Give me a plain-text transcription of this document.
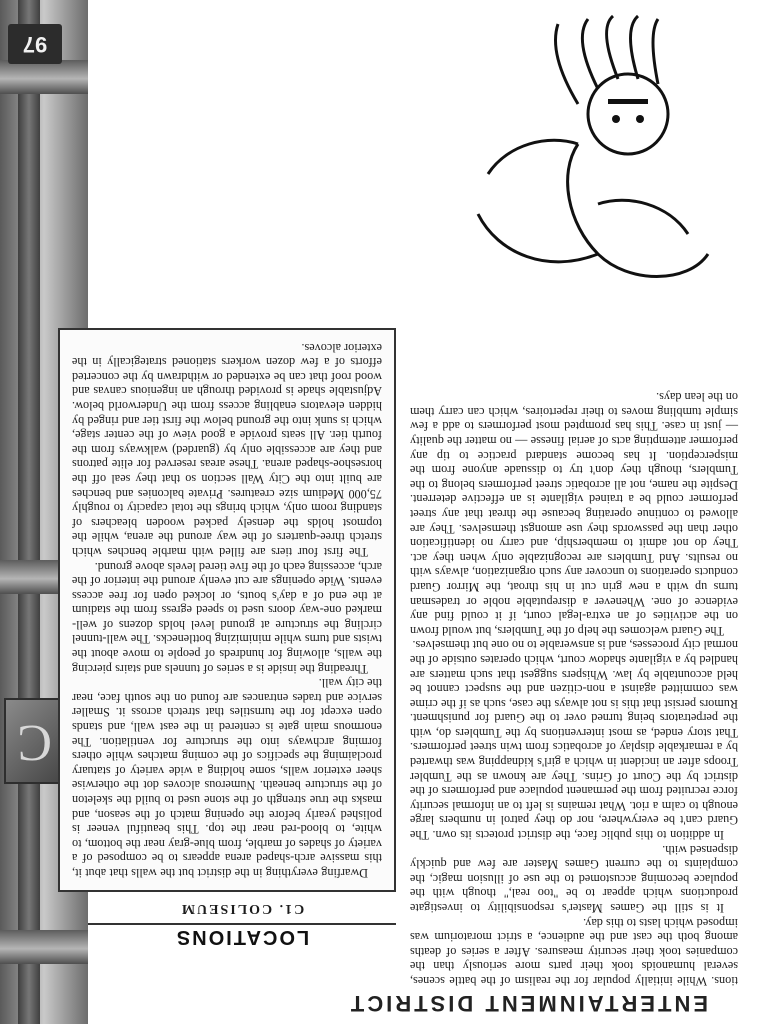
C
97
ENTERTAINMENT DISTRICT

tions. While initially popular for the realism of the battle scenes, several humanoids took their parts more seriously than the companies took their security measures. After a series of deaths among both the cast and the audience, a strict moratorium was imposed which lasts to this day.

It is still the Games Master's responsibility to investigate productions which appear to be "too real," though with the populace becoming accustomed to the use of illusion magic, the complaints to the current Games Master are few and quickly dispensed with.

In addition to this public face, the district protects its own. The Guard can't be everywhere, nor do they patrol in numbers large enough to calm a riot. What remains is left to an informal security force recruited from the permanent populace and performers of the district by the Court of Grins. They are known as the Tumbler Troops after an incident in which a girl's kidnapping was thwarted by a remarkable display of acrobatics from twin street performers. That story ended, as most interventions by the Tumblers do, with the perpetrators being turned over to the Guard for punishment. Rumors persist that this is not always the case, such as if the crime was committed against a non-citizen and the suspect cannot be held accountable by law. Whispers suggest that such matters are handled by a vigilante shadow court, which operates outside of the normal city processes, and is answerable to no one but themselves.

The Guard welcomes the help of the Tumblers, but would frown on the activities of an extra-legal court, if it could find any evidence of one. Whenever a disreputable noble or tradesman turns up with a new grin cut in his throat, the Mirror Guard conducts operations to uncover any such organization, always with no results. And Tumblers are recognizable only when they act. They do not admit to membership, and carry no identification other than the passwords they use amongst themselves. They are allowed to continue operating because the threat that any street performer could be a trained vigilante is an effective deterrent. Despite the name, not all acrobatic street performers belong to the Tumblers, though they don't try to dissuade anyone from the misperception. It has become standard practice to tip any performer attempting acts of aerial finesse — no matter the quality — just in case. This has prompted most performers to add a few simple tumbling moves to their repertoires, which can carry them on the lean days.

LOCATIONS
C1. COLISEUM

Dwarfing everything in the district but the walls that abut it, this massive arch-shaped arena appears to be composed of a variety of shades of marble, from blue-gray near the bottom, to white, to blood-red near the top. This beautiful veneer is polished yearly before the opening match of the season, and masks the true strength of the stone used to build the skeleton of the structure beneath. Numerous alcoves dot the otherwise sheer exterior walls, some holding a wide variety of statuary proclaiming the specifics of the coming matches while others forming archways into the structure for ventilation. The enormous main gate is centered in the east wall, and stands open except for the turnstiles that stretch across it. Smaller service and trades entrances are found on the south face, near the city wall.

Threading the inside is a series of tunnels and stairs piercing the walls, allowing for hundreds of people to move about the twists and turns while minimizing bottlenecks. The wall-tunnel circling the structure at ground level holds dozens of well-marked one-way doors used to speed egress from the stadium at the end of a day's bouts, or locked open for free access events. Wide openings are cut evenly around the interior of the arch, accessing each of the five tiered levels above ground.

The first four tiers are filled with marble benches which stretch three-quarters of the way around the arena, while the topmost holds the densely packed wooden bleachers of standing room only, which brings the total capacity to roughly 75,000 Medium size creatures. Private balconies and benches are built into the City Wall section so that they seal off the horseshoe-shaped arena. These areas reserved for elite patrons and they are accessible only by (guarded) walkways from the fourth tier. All seats provide a good view of the center stage, which is sunk into the ground below the first tier and ringed by hidden elevators enabling access from the Underworld below. Adjustable shade is provided through an ingenious canvas and wood roof that can be extended or withdrawn by the concerted efforts of a few dozen workers stationed strategically in the exterior alcoves.
